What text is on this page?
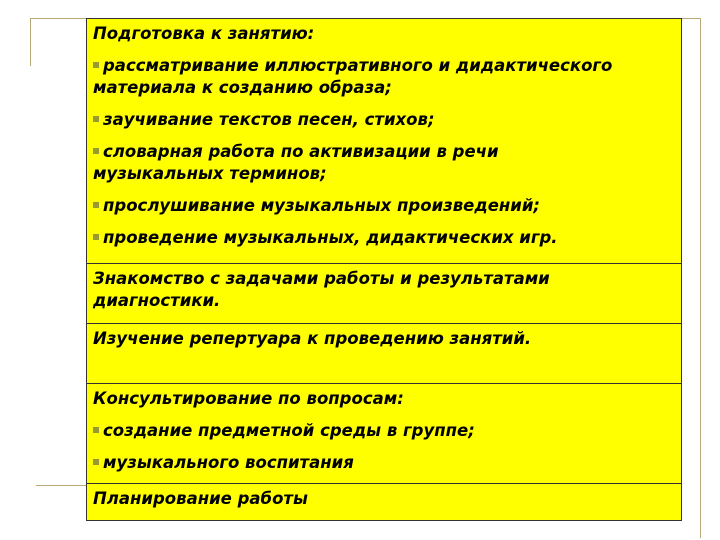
Подготовка к занятию:
рассматривание иллюстративного и дидактического
материала к созданию образа;
заучивание текстов песен, стихов;
словарная работа по активизации в речи
музыкальных терминов;
прослушивание музыкальных произведений;
проведение музыкальных, дидактических игр.
Знакомство с задачами работы и результатами
диагностики.
Изучение репертуара к проведению занятий.
Консультирование по вопросам:
создание предметной среды в группе;
музыкального воспитания
Планирование работы
